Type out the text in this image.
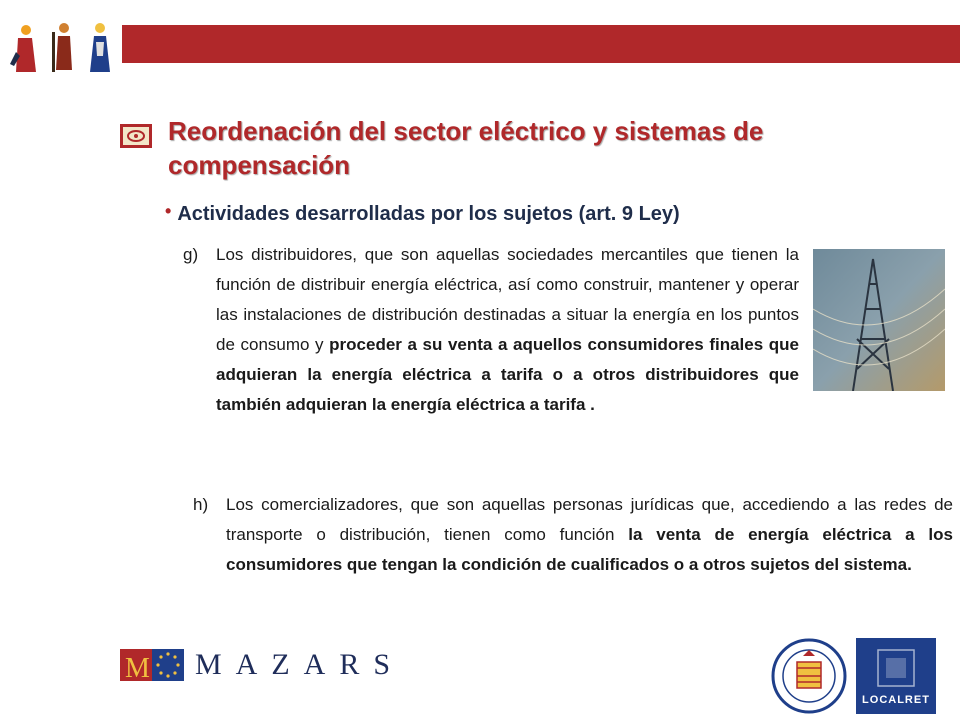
Reordenación del sector eléctrico y sistemas de compensación
• Actividades desarrolladas por los sujetos (art. 9 Ley)
g)	Los distribuidores, que son aquellas sociedades mercantiles que tienen la función de distribuir energía eléctrica, así como construir, mantener y operar las instalaciones de distribución destinadas a situar la energía en los puntos de consumo y proceder a su venta a aquellos consumidores finales que adquieran la energía eléctrica a tarifa o a otros distribuidores que también adquieran la energía eléctrica a tarifa .
h)	Los comercializadores, que son aquellas personas jurídicas que, accediendo a las redes de transporte o distribución, tienen como función la venta de energía eléctrica a los consumidores que tengan la condición de cualificados o a otros sujetos del sistema.
M MAZARS
LOCALRET
